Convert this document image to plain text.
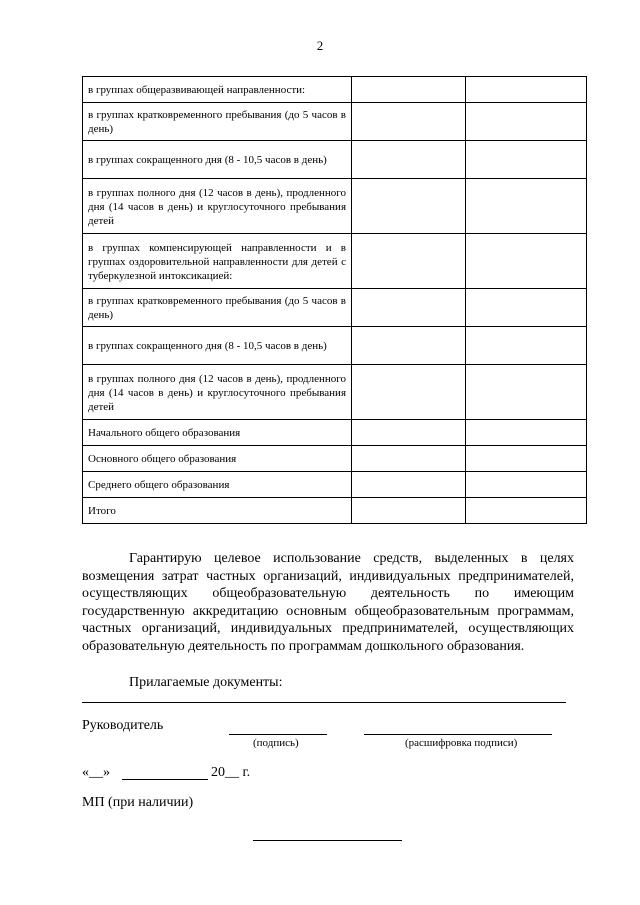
2
в группах общеразвивающей направленности:		
в группах кратковременного пребывания (до 5 часов в день)		
в группах сокращенного дня (8 - 10,5 часов в день)		
в группах полного дня (12 часов в день), продленного дня (14 часов в день) и круглосуточного пребывания детей		
в группах компенсирующей направленности и в группах оздоровительной направленности для детей с туберкулезной интоксикацией:		
в группах кратковременного пребывания (до 5 часов в день)		
в группах сокращенного дня (8 - 10,5 часов в день)		
в группах полного дня (12 часов в день), продленного дня (14 часов в день) и круглосуточного пребывания детей		
Начального общего образования		
Основного общего образования		
Среднего общего образования		
Итого		

Гарантирую целевое использование средств, выделенных в целях возмещения затрат частных организаций, индивидуальных предпринимателей, осуществляющих общеобразовательную деятельность по имеющим государственную аккредитацию основным общеобразовательным программам, частных организаций, индивидуальных предпринимателей, осуществляющих образовательную деятельность по программам дошкольного образования.

Прилагаемые документы:
Руководитель
(подпись)	(расшифровка подписи)
«__»	20__ г.
МП (при наличии)
